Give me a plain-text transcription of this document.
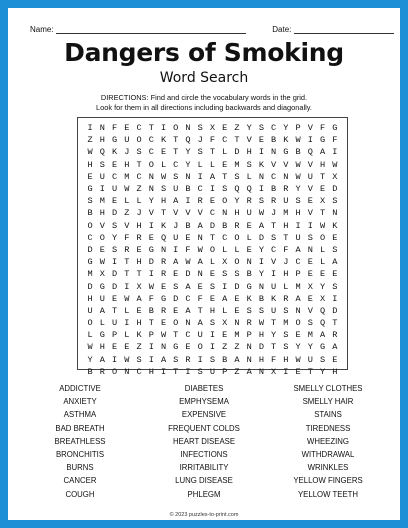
Name:	Date:
Dangers of Smoking
Word Search
DIRECTIONS: Find and circle the vocabulary words in the grid.
Look for them in all directions including backwards and diagonally.
I N F E C T I O N S X E Z Y S C Y P V F G
Z H G U O C K T Q J F C T V E B K W I G F
W Q K J S C E T Y S T L D H I N G B Q A I
H S E H T O L C Y L L E M S K V V W V H W
E U C M C N W S N I A T S L N C N W U T X
G I U W Z N S U B C I S Q Q I B R Y V E D
S M E L L Y H A I R E O Y R S R U S E X S
B H D Z J V T V V V C N H U W J M H V T N
O V S V H I K J B A D B R E A T H I I W K
C O Y F R E Q U E N T C O L D S T U S O E
D E S R E G N I F W O L L E Y C F A N L S
G W I T H D R A W A L X O N I V J C E L A
M X D T T I R E D N E S S B Y I H P E E E
D G D I X W E S A E S I D G N U L M X Y S
H U E W A F G D C F E A E K B K R A E X I
U A T L E B R E A T H L E S S U S N V Q D
O L U I H T E O N A S X N R W T M O S Q T
L G P L K P W T C U I E M P H Y S E M A R
W H E E Z I N G E O I Z Z N D T S Y Y G A
Y A I W S I A S R I S B A N H F H W U S E
B R O N C H I T I S U P Z A N X I E T Y H
ADDICTIVE	DIABETES	SMELLY CLOTHES
ANXIETY	EMPHYSEMA	SMELLY HAIR
ASTHMA	EXPENSIVE	STAINS
BAD BREATH	FREQUENT COLDS	TIREDNESS
BREATHLESS	HEART DISEASE	WHEEZING
BRONCHITIS	INFECTIONS	WITHDRAWAL
BURNS	IRRITABILITY	WRINKLES
CANCER	LUNG DISEASE	YELLOW FINGERS
COUGH	PHLEGM	YELLOW TEETH
© 2023 puzzles-to-print.com
